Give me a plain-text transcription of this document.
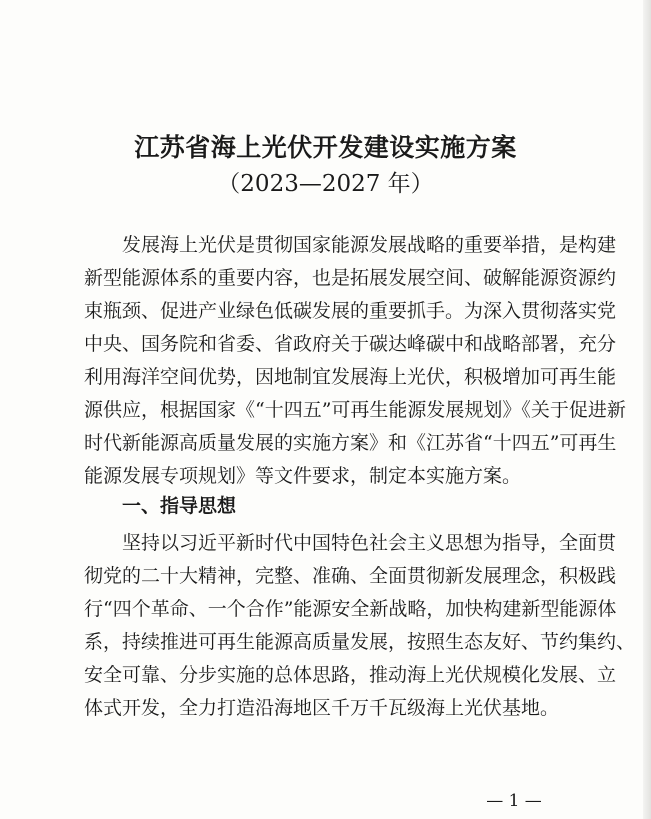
江苏省海上光伏开发建设实施方案
（2023—2027 年）
发展海上光伏是贯彻国家能源发展战略的重要举措，是构建
新型能源体系的重要内容，也是拓展发展空间、破解能源资源约
束瓶颈、促进产业绿色低碳发展的重要抓手。为深入贯彻落实党
中央、国务院和省委、省政府关于碳达峰碳中和战略部署，充分
利用海洋空间优势，因地制宜发展海上光伏，积极增加可再生能
源供应，根据国家《“十四五”可再生能源发展规划》《关于促进新
时代新能源高质量发展的实施方案》和《江苏省“十四五”可再生
能源发展专项规划》等文件要求，制定本实施方案。
一、指导思想
坚持以习近平新时代中国特色社会主义思想为指导，全面贯
彻党的二十大精神，完整、准确、全面贯彻新发展理念，积极践
行“四个革命、一个合作”能源安全新战略，加快构建新型能源体
系，持续推进可再生能源高质量发展，按照生态友好、节约集约、
安全可靠、分步实施的总体思路，推动海上光伏规模化发展、立
体式开发，全力打造沿海地区千万千瓦级海上光伏基地。
— 1 —
